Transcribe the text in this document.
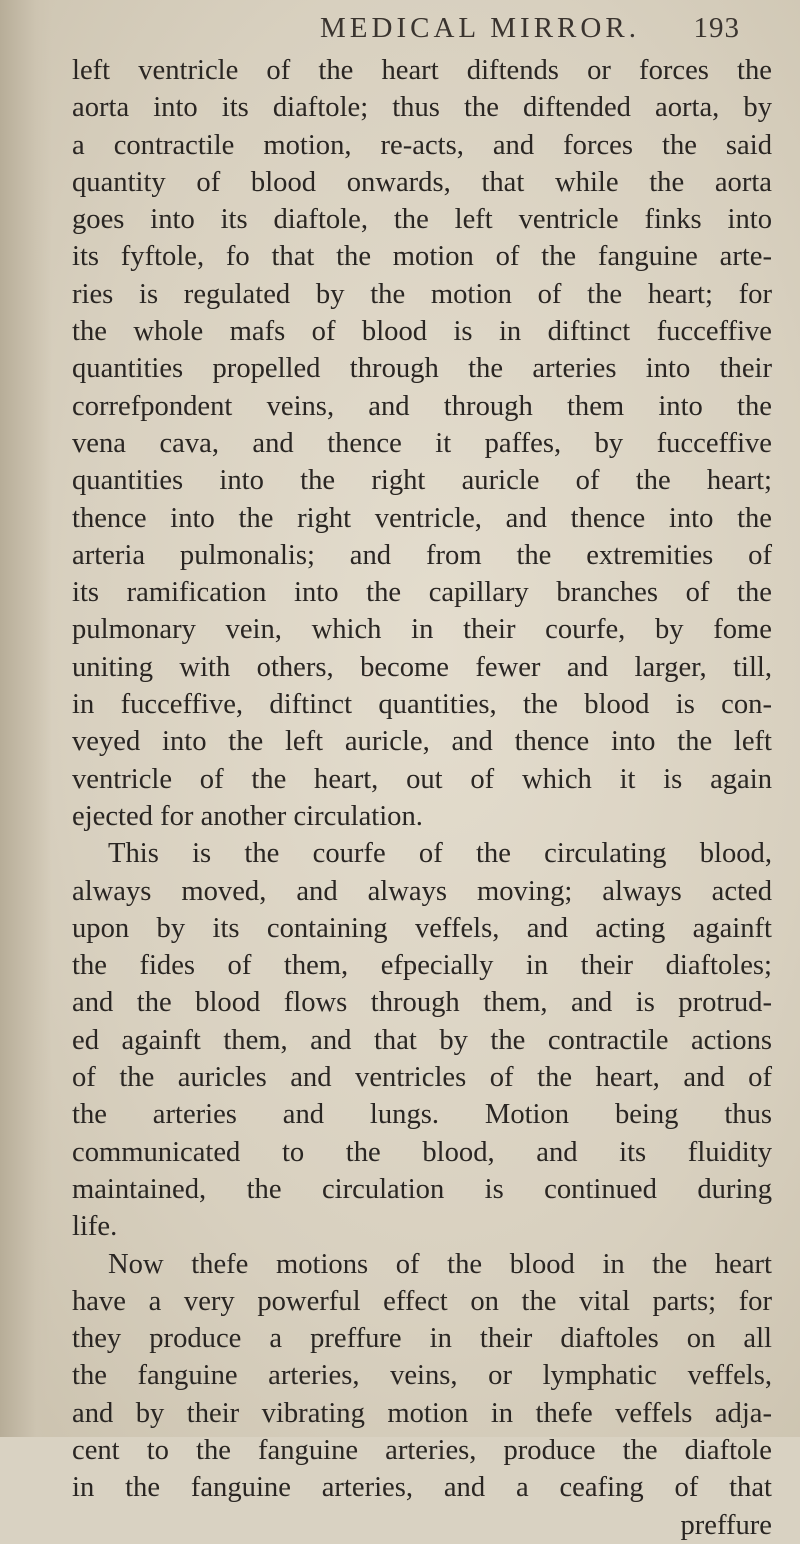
MEDICAL MIRROR. 193
left ventricle of the heart diftends or forces the
aorta into its diaftole; thus the diftended aorta, by
a contractile motion, re-acts, and forces the said
quantity of blood onwards, that while the aorta
goes into its diaftole, the left ventricle finks into
its fyftole, fo that the motion of the fanguine arte-
ries is regulated by the motion of the heart; for
the whole mafs of blood is in diftinct fucceffive
quantities propelled through the arteries into their
correfpondent veins, and through them into the
vena cava, and thence it paffes, by fucceffive
quantities into the right auricle of the heart;
thence into the right ventricle, and thence into the
arteria pulmonalis; and from the extremities of
its ramification into the capillary branches of the
pulmonary vein, which in their courfe, by fome
uniting with others, become fewer and larger, till,
in fucceffive, diftinct quantities, the blood is con-
veyed into the left auricle, and thence into the left
ventricle of the heart, out of which it is again
ejected for another circulation.
This is the courfe of the circulating blood,
always moved, and always moving; always acted
upon by its containing veffels, and acting againft
the fides of them, efpecially in their diaftoles;
and the blood flows through them, and is protrud-
ed againft them, and that by the contractile actions
of the auricles and ventricles of the heart, and of
the arteries and lungs. Motion being thus
communicated to the blood, and its fluidity
maintained, the circulation is continued during
life.
Now thefe motions of the blood in the heart
have a very powerful effect on the vital parts; for
they produce a preffure in their diaftoles on all
the fanguine arteries, veins, or lymphatic veffels,
and by their vibrating motion in thefe veffels adja-
cent to the fanguine arteries, produce the diaftole
in the fanguine arteries, and a ceafing of that
preffure
